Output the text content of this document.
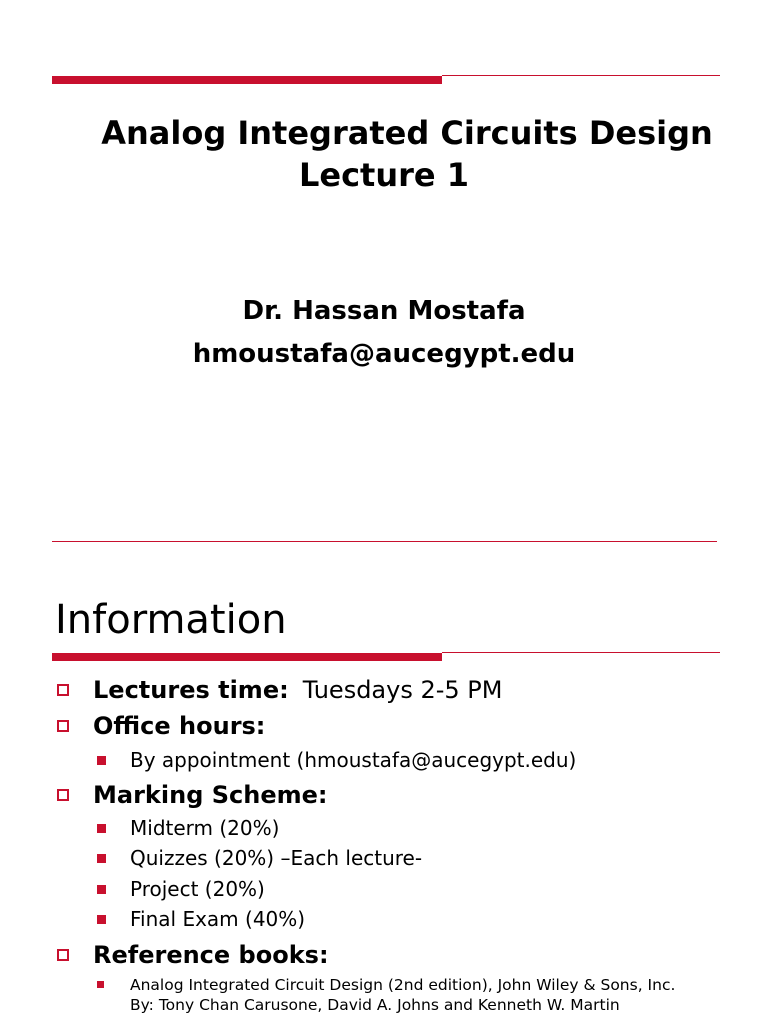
Analog Integrated Circuits Design
Lecture 1
Dr. Hassan Mostafa
hmoustafa@aucegypt.edu
Information
Lectures time: Tuesdays 2-5 PM
Office hours:
By appointment (hmoustafa@aucegypt.edu)
Marking Scheme:
Midterm (20%)
Quizzes (20%) –Each lecture-
Project (20%)
Final Exam (40%)
Reference books:
Analog Integrated Circuit Design (2nd edition), John Wiley & Sons, Inc.
By: Tony Chan Carusone, David A. Johns and Kenneth W. Martin
